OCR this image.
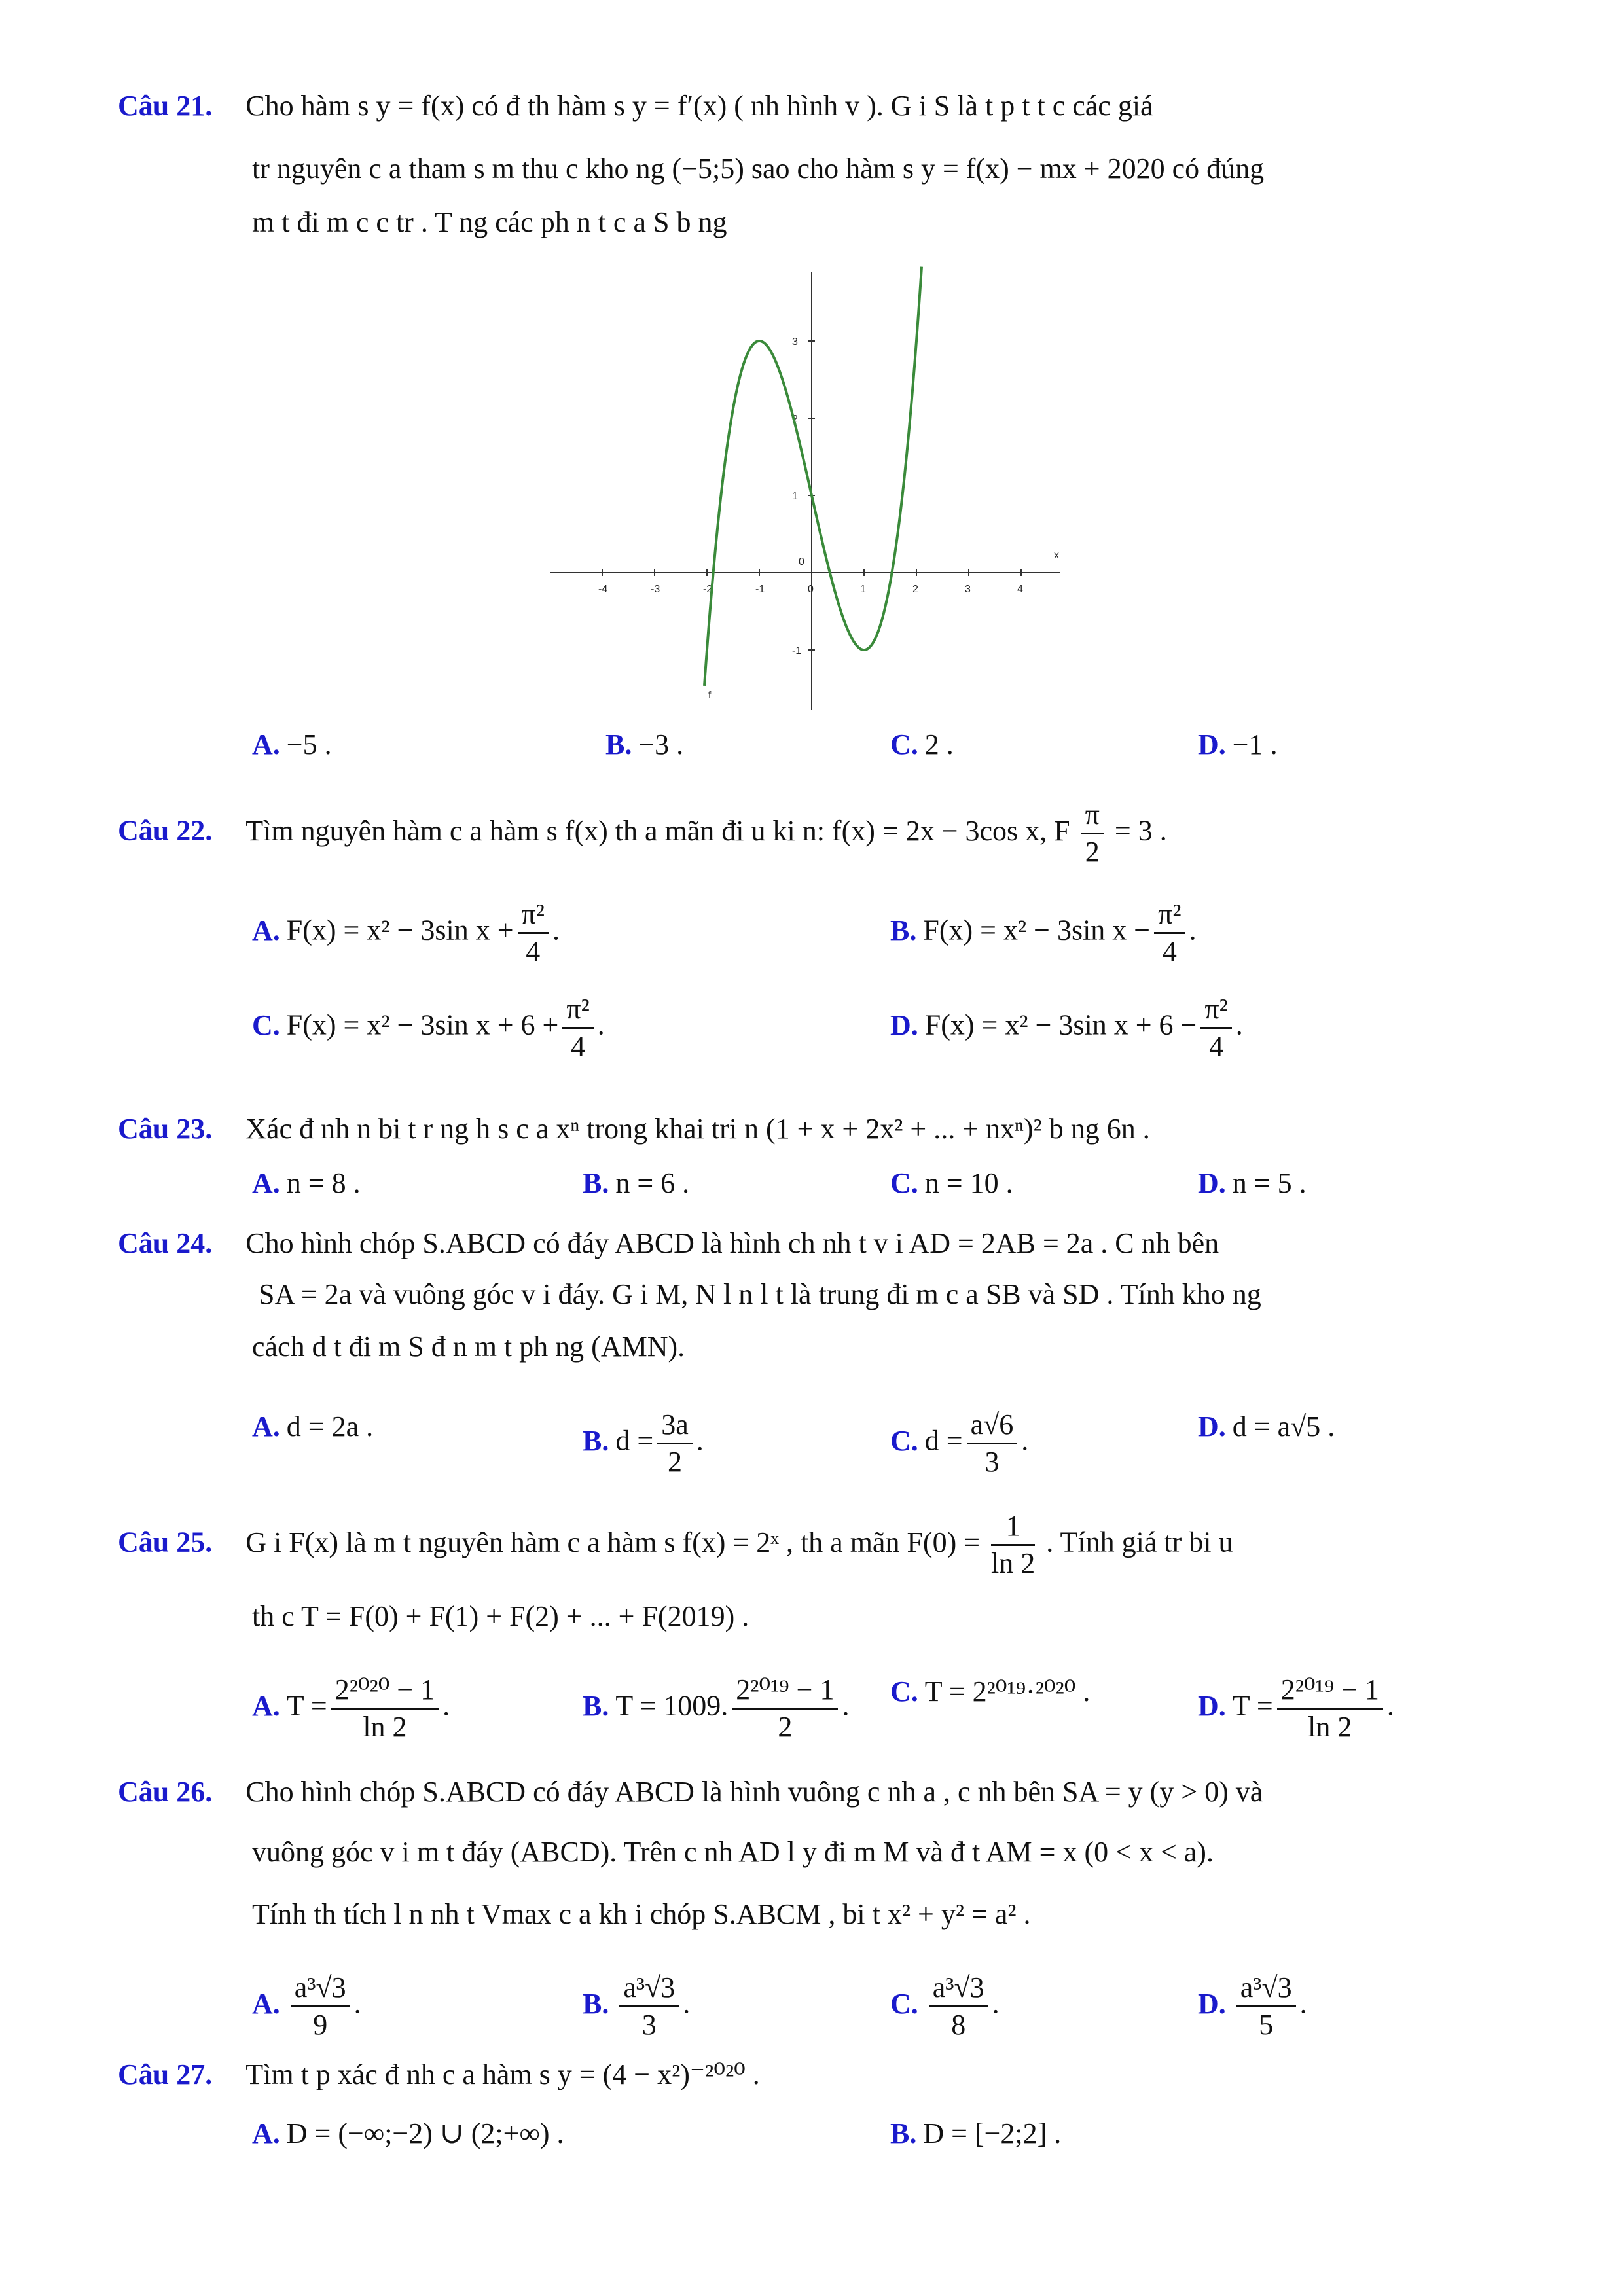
Câu 21. Cho hàm s y = f(x) có đ th hàm s y = f′(x) ( nh hình v ). G i S là t p t t c các giá
tr nguyên c a tham s m thu c kho ng (−5;5) sao cho hàm s y = f(x) − mx + 2020 có đúng
m t đi m c c tr . T ng các ph n t c a S b ng
-4	-3	-2	-1	0	1	2	3	4
-1
0
1
2
3
x
f
A. −5 .	B. −3 .	C. 2 .	D. −1 .
Câu 22. Tìm nguyên hàm c a hàm s f(x) th a mãn đi u ki n: f(x) = 2x − 3cos x, F $\frac{\pi}{2} = 3$ .
A. F(x) = x² − 3sin $x + \frac{\text{π²}}{4}$ .	B. F(x) = x² − 3sin $x - \frac{\text{π²}}{4}$ .
C. F(x) = x² − 3sin $x + 6 + \frac{\text{π²}}{4}$ .	D. F(x) = x² − 3sin $x + 6 - \frac{\text{π²}}{4}$ .
Câu 23. Xác đ nh n bi t r ng h s c a xⁿ trong khai tri n (1 + x + 2x² + ... + nxⁿ)² b ng 6n .
A. n = 8 .	B. n = 6 .	C. n = 10 .	D. n = 5 .
Câu 24. Cho hình chóp S.ABCD có đáy ABCD là hình ch nh t v i AD = 2AB = 2a . C nh bên
SA = 2a và vuông góc v i đáy. G i M, N l n l t là trung đi m c a SB và SD . Tính kho ng
cách d t đi m S đ n m t ph ng (AMN).
A. d = 2a .	B. $d = \frac{3a}{2}$ .	C. $d = \frac{a√6}{3}$ .	D. d = a√5 .
Câu 25. G i F(x) là m t nguyên hàm c a hàm s f(x) = 2ˣ , th a mãn $F(0) = \frac{1}{\ln 2}$ . Tính giá tr bi u
th c T = F(0) + F(1) + F(2) + ... + F(2019) .
A. $T = \frac{\text{2²⁰²⁰ − 1}}{\ln 2}$ .	B. T = 1009. $\frac{\text{2²⁰¹⁹ − 1}}{2}$ . C. T = 2²⁰¹⁹·²⁰²⁰ .	D. $T = \frac{\text{2²⁰¹⁹ − 1}}{\ln 2}$ .
Câu 26. Cho hình chóp S.ABCD có đáy ABCD là hình vuông c nh a , c nh bên SA = y (y > 0) và
vuông góc v i m t đáy (ABCD). Trên c nh AD l y đi m M và đ t AM = x (0 < x < a).
Tính th tích l n nh t Vmax c a kh i chóp S.ABCM , bi t x² + y² = a² .
A. $\frac{\text{a³√3}}{9}$ .	B. $\frac{\text{a³√3}}{3}$ .	C. $\frac{\text{a³√3}}{8}$ .	D. $\frac{\text{a³√3}}{5}$ .
Câu 27. Tìm t p xác đ nh c a hàm s y = (4 − x²)⁻²⁰²⁰ .
A. D = (−∞;−2) ∪ (2;+∞) .	B. D = [−2;2] .
